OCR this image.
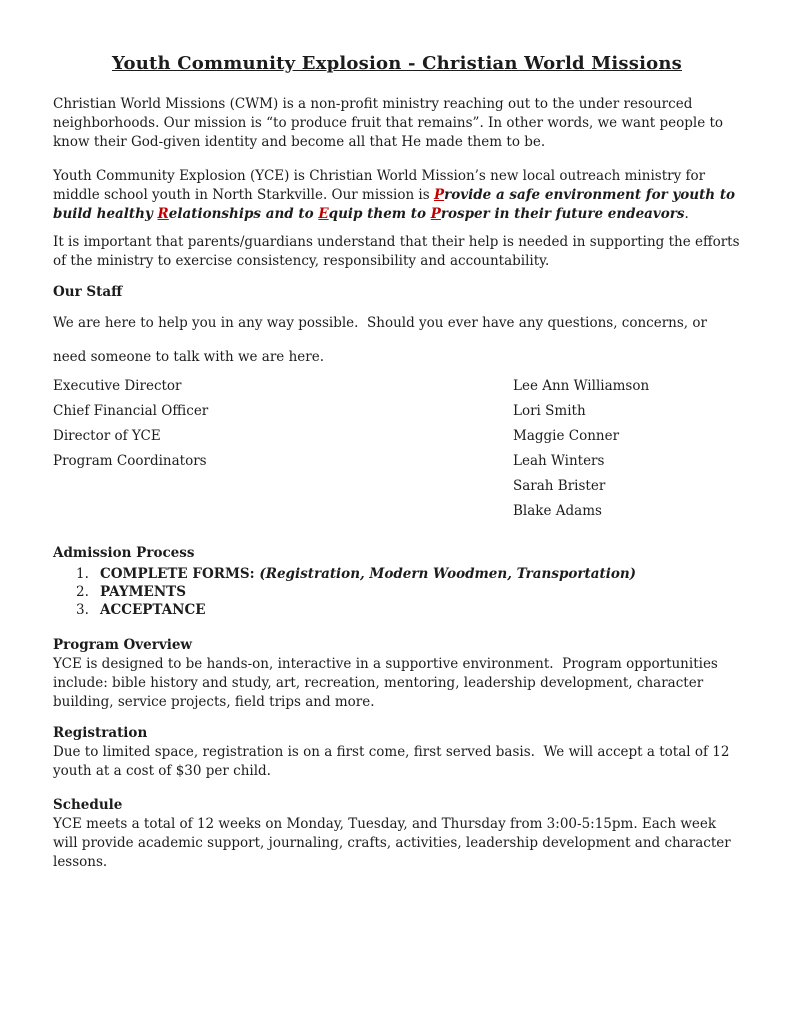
Youth Community Explosion - Christian World Missions

Christian World Missions (CWM) is a non-profit ministry reaching out to the under resourced neighborhoods. Our mission is “to produce fruit that remains”. In other words, we want people to know their God-given identity and become all that He made them to be.

Youth Community Explosion (YCE) is Christian World Mission’s new local outreach ministry for middle school youth in North Starkville. Our mission is Provide a safe environment for youth to build healthy Relationships and to Equip them to Prosper in their future endeavors.

It is important that parents/guardians understand that their help is needed in supporting the efforts of the ministry to exercise consistency, responsibility and accountability.

Our Staff

We are here to help you in any way possible.  Should you ever have any questions, concerns, or need someone to talk with we are here.

Executive Director	Lee Ann Williamson
Chief Financial Officer	Lori Smith
Director of YCE	Maggie Conner
Program Coordinators	Leah Winters
Sarah Brister
Blake Adams
Admission Process
1. COMPLETE FORMS: (Registration, Modern Woodmen, Transportation)
2. PAYMENTS
3. ACCEPTANCE
Program Overview

YCE is designed to be hands-on, interactive in a supportive environment.  Program opportunities include: bible history and study, art, recreation, mentoring, leadership development, character building, service projects, field trips and more.

Registration

Due to limited space, registration is on a first come, first served basis.  We will accept a total of 12 youth at a cost of $30 per child.

Schedule

YCE meets a total of 12 weeks on Monday, Tuesday, and Thursday from 3:00-5:15pm. Each week will provide academic support, journaling, crafts, activities, leadership development and character lessons.
